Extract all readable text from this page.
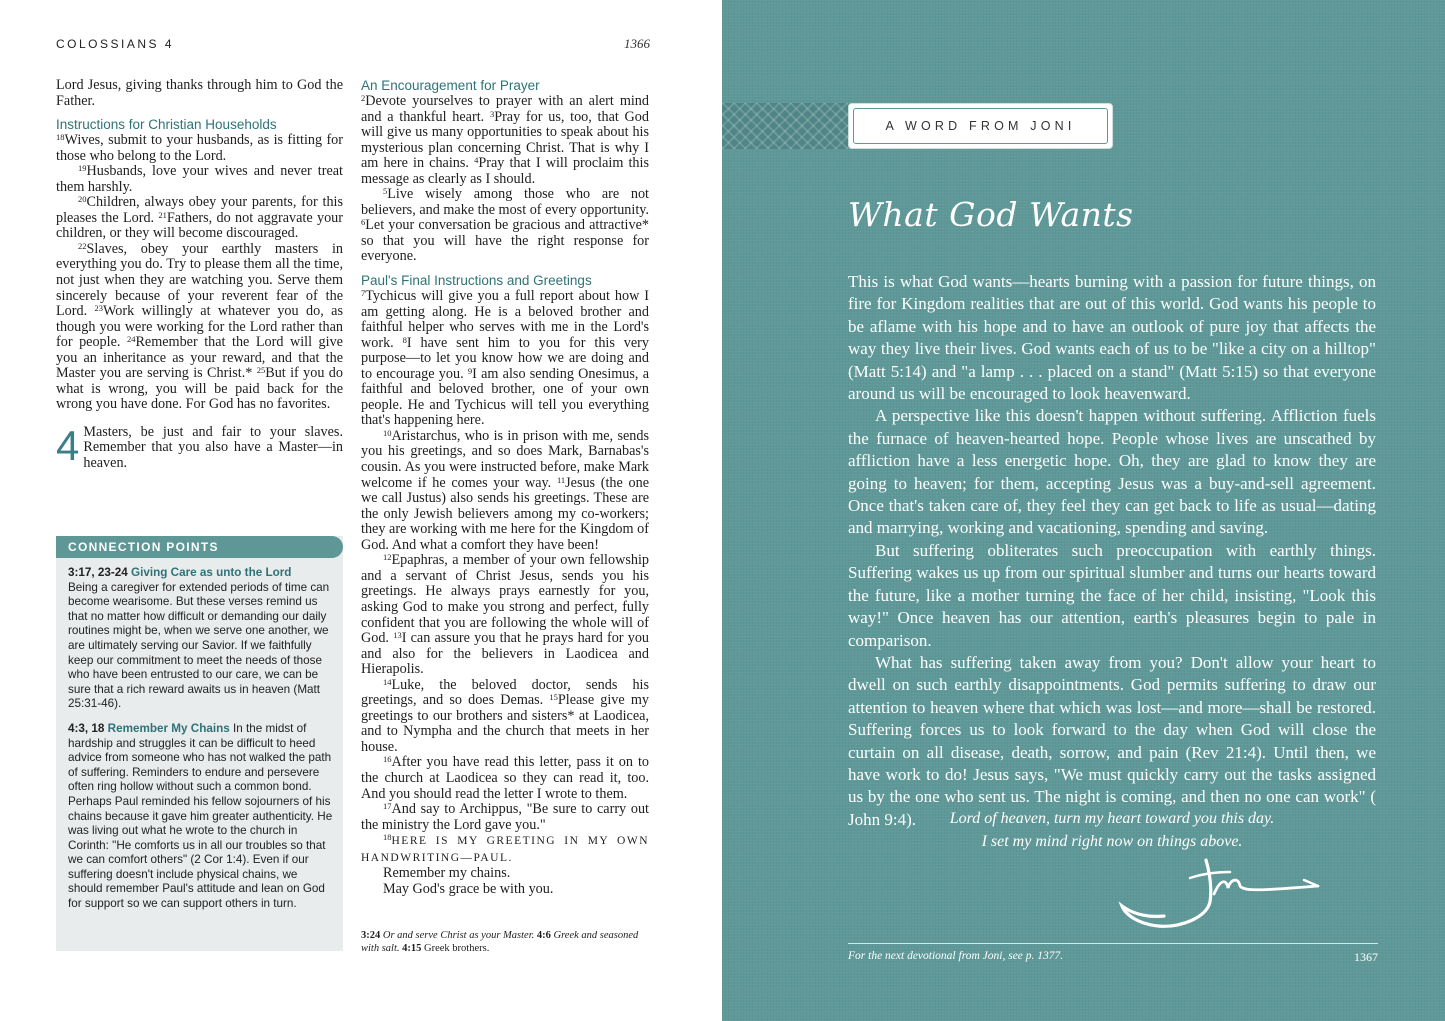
COLOSSIANS 4	1366

Lord Jesus, giving thanks through him to God the Father.

Instructions for Christian Households

$^{18}$Wives, submit to your husbands, as is fitting for those who belong to the Lord.

$^{19}$Husbands, love your wives and never treat them harshly.

$^{20}$Children, always obey your parents, for this pleases the Lord. $^{21}$Fathers, do not aggravate your children, or they will become discouraged.

$^{22}$Slaves, obey your earthly masters in everything you do. Try to please them all the time, not just when they are watching you. Serve them sincerely because of your reverent fear of the Lord. $^{23}$Work willingly at whatever you do, as though you were working for the Lord rather than for people. $^{24}$Remember that the Lord will give you an inheritance as your reward, and that the Master you are serving is Christ.* $^{25}$But if you do what is wrong, you will be paid back for the wrong you have done. For God has no favorites.

4 Masters, be just and fair to your slaves. Remember that you also have a Master—in heaven.

CONNECTION POINTS

3:17, 23-24 Giving Care as unto the Lord
Being a caregiver for extended periods of time can become wearisome. But these verses remind us that no matter how difficult or demanding our daily routines might be, when we serve one another, we are ultimately serving our Savior. If we faithfully keep our commitment to meet the needs of those who have been entrusted to our care, we can be sure that a rich reward awaits us in heaven (Matt 25:31-46).

4:3, 18 Remember My Chains In the midst of hardship and struggles it can be difficult to heed advice from someone who has not walked the path of suffering. Reminders to endure and persevere often ring hollow without such a common bond. Perhaps Paul reminded his fellow sojourners of his chains because it gave him greater authenticity. He was living out what he wrote to the church in Corinth: "He comforts us in all our troubles so that we can comfort others" (2 Cor 1:4). Even if our suffering doesn't include physical chains, we should remember Paul's attitude and lean on God for support so we can support others in turn.

An Encouragement for Prayer

$^2$Devote yourselves to prayer with an alert mind and a thankful heart. $^3$Pray for us, too, that God will give us many opportunities to speak about his mysterious plan concerning Christ. That is why I am here in chains. $^4$Pray that I will proclaim this message as clearly as I should.

$^5$Live wisely among those who are not believers, and make the most of every opportunity. $^6$Let your conversation be gracious and attractive* so that you will have the right response for everyone.

Paul's Final Instructions and Greetings

$^7$Tychicus will give you a full report about how I am getting along. He is a beloved brother and faithful helper who serves with me in the Lord's work. $^8$I have sent him to you for this very purpose—to let you know how we are doing and to encourage you. $^9$I am also sending Onesimus, a faithful and beloved brother, one of your own people. He and Tychicus will tell you everything that's happening here.

$^{10}$Aristarchus, who is in prison with me, sends you his greetings, and so does Mark, Barnabas's cousin. As you were instructed before, make Mark welcome if he comes your way. $^{11}$Jesus (the one we call Justus) also sends his greetings. These are the only Jewish believers among my co-workers; they are working with me here for the Kingdom of God. And what a comfort they have been!

$^{12}$Epaphras, a member of your own fellowship and a servant of Christ Jesus, sends you his greetings. He always prays earnestly for you, asking God to make you strong and perfect, fully confident that you are following the whole will of God. $^{13}$I can assure you that he prays hard for you and also for the believers in Laodicea and Hierapolis.

$^{14}$Luke, the beloved doctor, sends his greetings, and so does Demas. $^{15}$Please give my greetings to our brothers and sisters* at Laodicea, and to Nympha and the church that meets in her house.

$^{16}$After you have read this letter, pass it on to the church at Laodicea so they can read it, too. And you should read the letter I wrote to them.

$^{17}$And say to Archippus, "Be sure to carry out the ministry the Lord gave you."

$^{18}$HERE IS MY GREETING IN MY OWN HANDWRITING—PAUL.

Remember my chains.

May God's grace be with you.

3:24 Or and serve Christ as your Master. 4:6 Greek and seasoned with salt. 4:15 Greek brothers.
A WORD FROM JONI
What God Wants

This is what God wants—hearts burning with a passion for future things, on fire for Kingdom realities that are out of this world. God wants his people to be aflame with his hope and to have an outlook of pure joy that affects the way they live their lives. God wants each of us to be "like a city on a hilltop" (Matt 5:14) and "a lamp . . . placed on a stand" (Matt 5:15) so that everyone around us will be encouraged to look heavenward.

A perspective like this doesn't happen without suffering. Affliction fuels the furnace of heaven-hearted hope. People whose lives are unscathed by affliction have a less energetic hope. Oh, they are glad to know they are going to heaven; for them, accepting Jesus was a buy-and-sell agreement. Once that's taken care of, they feel they can get back to life as usual—dating and marrying, working and vacationing, spending and saving.

But suffering obliterates such preoccupation with earthly things. Suffering wakes us up from our spiritual slumber and turns our hearts toward the future, like a mother turning the face of her child, insisting, "Look this way!" Once heaven has our attention, earth's pleasures begin to pale in comparison.

What has suffering taken away from you? Don't allow your heart to dwell on such earthly disappointments. God permits suffering to draw our attention to heaven where that which was lost—and more—shall be restored. Suffering forces us to look forward to the day when God will close the curtain on all disease, death, sorrow, and pain (Rev 21:4). Until then, we have work to do! Jesus says, "We must quickly carry out the tasks assigned us by the one who sent us. The night is coming, and then no one can work" ( John 9:4).	Lord of heaven, turn my heart toward you this day.
I set my mind right now on things above.
For the next devotional from Joni, see p. 1377.	1367
